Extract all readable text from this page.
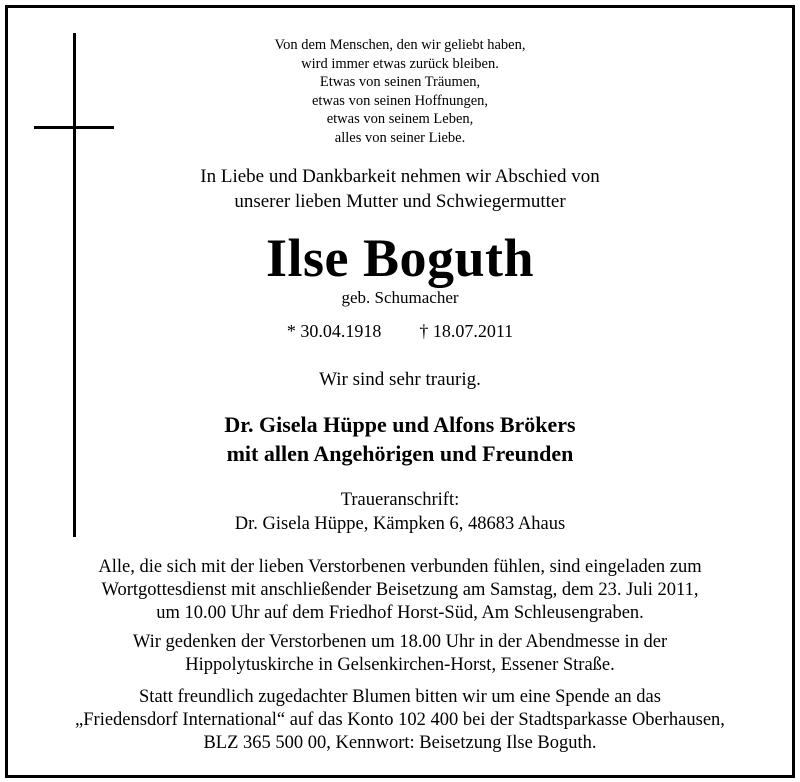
Von dem Menschen, den wir geliebt haben,
wird immer etwas zurück bleiben.
Etwas von seinen Träumen,
etwas von seinen Hoffnungen,
etwas von seinem Leben,
alles von seiner Liebe.
In Liebe und Dankbarkeit nehmen wir Abschied von
unserer lieben Mutter und Schwiegermutter
Ilse Boguth
geb. Schumacher
* 30.04.1918 † 18.07.2011
Wir sind sehr traurig.
Dr. Gisela Hüppe und Alfons Brökers
mit allen Angehörigen und Freunden
Traueranschrift:
Dr. Gisela Hüppe, Kämpken 6, 48683 Ahaus
Alle, die sich mit der lieben Verstorbenen verbunden fühlen, sind eingeladen zum
Wortgottesdienst mit anschließender Beisetzung am Samstag, dem 23. Juli 2011,
um 10.00 Uhr auf dem Friedhof Horst-Süd, Am Schleusengraben.
Wir gedenken der Verstorbenen um 18.00 Uhr in der Abendmesse in der
Hippolytuskirche in Gelsenkirchen-Horst, Essener Straße.
Statt freundlich zugedachter Blumen bitten wir um eine Spende an das
„Friedensdorf International“ auf das Konto 102 400 bei der Stadtsparkasse Oberhausen,
BLZ 365 500 00, Kennwort: Beisetzung Ilse Boguth.
